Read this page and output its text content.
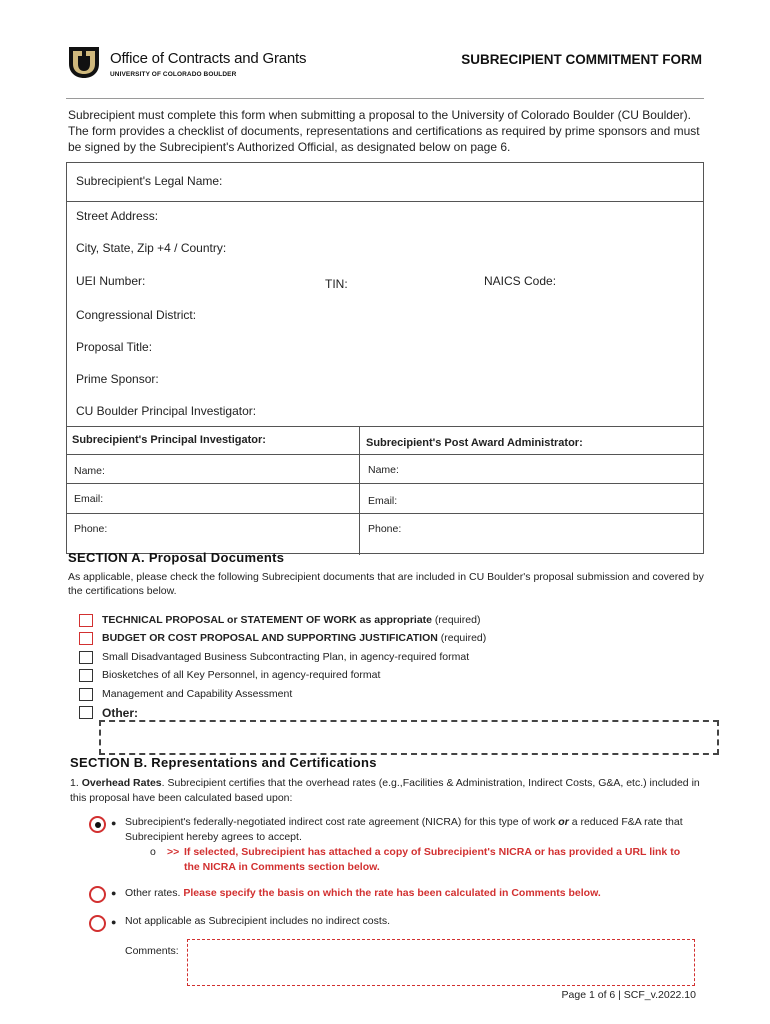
Office of Contracts and Grants
UNIVERSITY OF COLORADO BOULDER
SUBRECIPIENT COMMITMENT FORM
Subrecipient must complete this form when submitting a proposal to the University of Colorado Boulder (CU Boulder). The form provides a checklist of documents, representations and certifications as required by prime sponsors and must be signed by the Subrecipient's Authorized Official, as designated below on page 6.
Subrecipient's Legal Name:
Street Address:
City, State, Zip +4 / Country:
UEI Number:	TIN:	NAICS Code:
Congressional District:
Proposal Title:
Prime Sponsor:
CU Boulder Principal Investigator:
Subrecipient's Principal Investigator:	Subrecipient's Post Award Administrator:
Name:	Name:
Email:	Email:
Phone:	Phone:
SECTION A. Proposal Documents
As applicable, please check the following Subrecipient documents that are included in CU Boulder's proposal submission and covered by the certifications below.
TECHNICAL PROPOSAL or STATEMENT OF WORK as appropriate (required)
BUDGET OR COST PROPOSAL AND SUPPORTING JUSTIFICATION (required)
Small Disadvantaged Business Subcontracting Plan, in agency-required format
Biosketches of all Key Personnel, in agency-required format
Management and Capability Assessment
Other:
SECTION B. Representations and Certifications
1. Overhead Rates. Subrecipient certifies that the overhead rates (e.g.,Facilities & Administration, Indirect Costs, G&A, etc.) included in this proposal have been calculated based upon:
● Subrecipient's federally-negotiated indirect cost rate agreement (NICRA) for this type of work or a reduced F&A rate that Subrecipient hereby agrees to accept.
o >> If selected, Subrecipient has attached a copy of Subrecipient's NICRA or has provided a URL link to the NICRA in Comments section below.
● Other rates. Please specify the basis on which the rate has been calculated in Comments below.
● Not applicable as Subrecipient includes no indirect costs.
Comments:
Page 1 of 6 | SCF_v.2022.10
